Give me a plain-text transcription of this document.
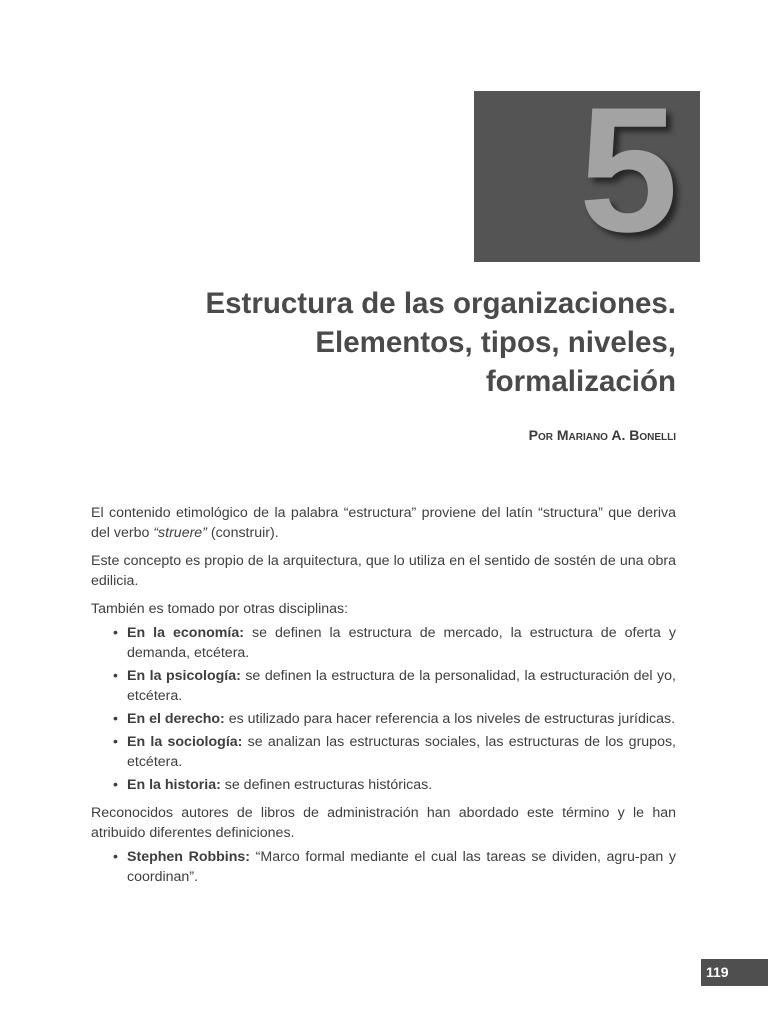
5
Estructura de las organizaciones.
Elementos, tipos, niveles,
formalización
Por Mariano A. Bonelli

El contenido etimológico de la palabra “estructura” proviene del latín “structura” que deriva del verbo “struere” (construir).

Este concepto es propio de la arquitectura, que lo utiliza en el sentido de sostén de una obra edilicia.

También es tomado por otras disciplinas:

• En la economía: se definen la estructura de mercado, la estructura de oferta y demanda, etcétera.
• En la psicología: se definen la estructura de la personalidad, la estructuración del yo, etcétera.
• En el derecho: es utilizado para hacer referencia a los niveles de estructuras jurídicas.
• En la sociología: se analizan las estructuras sociales, las estructuras de los grupos, etcétera.
• En la historia: se definen estructuras históricas.

Reconocidos autores de libros de administración han abordado este término y le han atribuido diferentes definiciones.

• Stephen Robbins: “Marco formal mediante el cual las tareas se dividen, agru-pan y coordinan”.
119
